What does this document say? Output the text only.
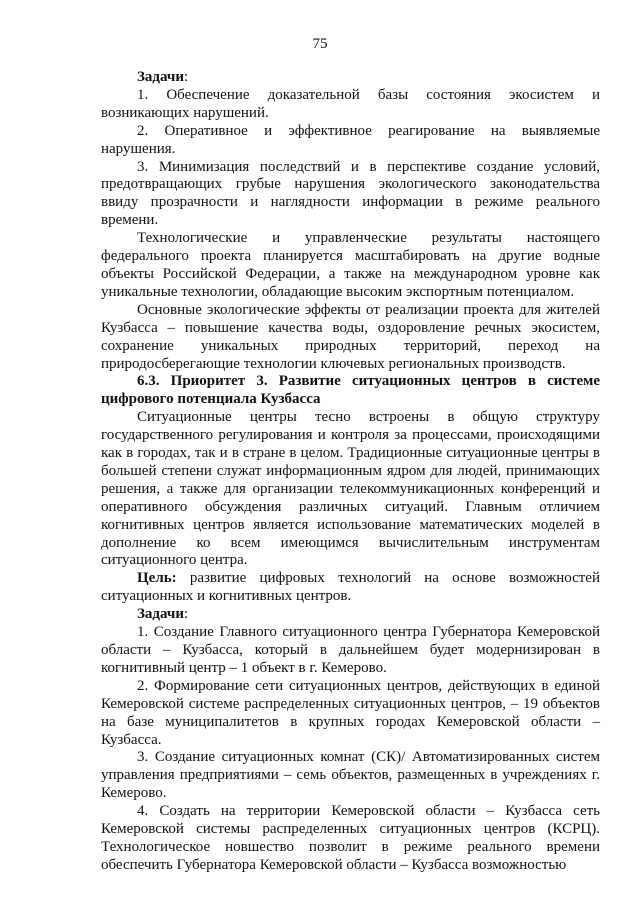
75

Задачи:

1. Обеспечение доказательной базы состояния экосистем и возникающих нарушений.

2. Оперативное и эффективное реагирование на выявляемые нарушения.

3. Минимизация последствий и в перспективе создание условий, предотвращающих грубые нарушения экологического законодательства ввиду прозрачности и наглядности информации в режиме реального времени.

Технологические и управленческие результаты настоящего федерального проекта планируется масштабировать на другие водные объекты Российской Федерации, а также на международном уровне как уникальные технологии, обладающие высоким экспортным потенциалом.

Основные экологические эффекты от реализации проекта для жителей Кузбасса – повышение качества воды, оздоровление речных экосистем, сохранение уникальных природных территорий, переход на природосберегающие технологии ключевых региональных производств.

6.3. Приоритет 3. Развитие ситуационных центров в системе цифрового потенциала Кузбасса

Ситуационные центры тесно встроены в общую структуру государственного регулирования и контроля за процессами, происходящими как в городах, так и в стране в целом. Традиционные ситуационные центры в большей степени служат информационным ядром для людей, принимающих решения, а также для организации телекоммуникационных конференций и оперативного обсуждения различных ситуаций. Главным отличием когнитивных центров является использование математических моделей в дополнение ко всем имеющимся вычислительным инструментам ситуационного центра.

Цель: развитие цифровых технологий на основе возможностей ситуационных и когнитивных центров.

Задачи:

1. Создание Главного ситуационного центра Губернатора Кемеровской области – Кузбасса, который в дальнейшем будет модернизирован в когнитивный центр – 1 объект в г. Кемерово.

2. Формирование сети ситуационных центров, действующих в единой Кемеровской системе распределенных ситуационных центров, – 19 объектов на базе муниципалитетов в крупных городах Кемеровской области – Кузбасса.

3. Создание ситуационных комнат (СК)/ Автоматизированных систем управления предприятиями – семь объектов, размещенных в учреждениях г. Кемерово.

4. Создать на территории Кемеровской области – Кузбасса сеть Кемеровской системы распределенных ситуационных центров (КСРЦ). Технологическое новшество позволит в режиме реального времени обеспечить Губернатора Кемеровской области – Кузбасса возможностью
